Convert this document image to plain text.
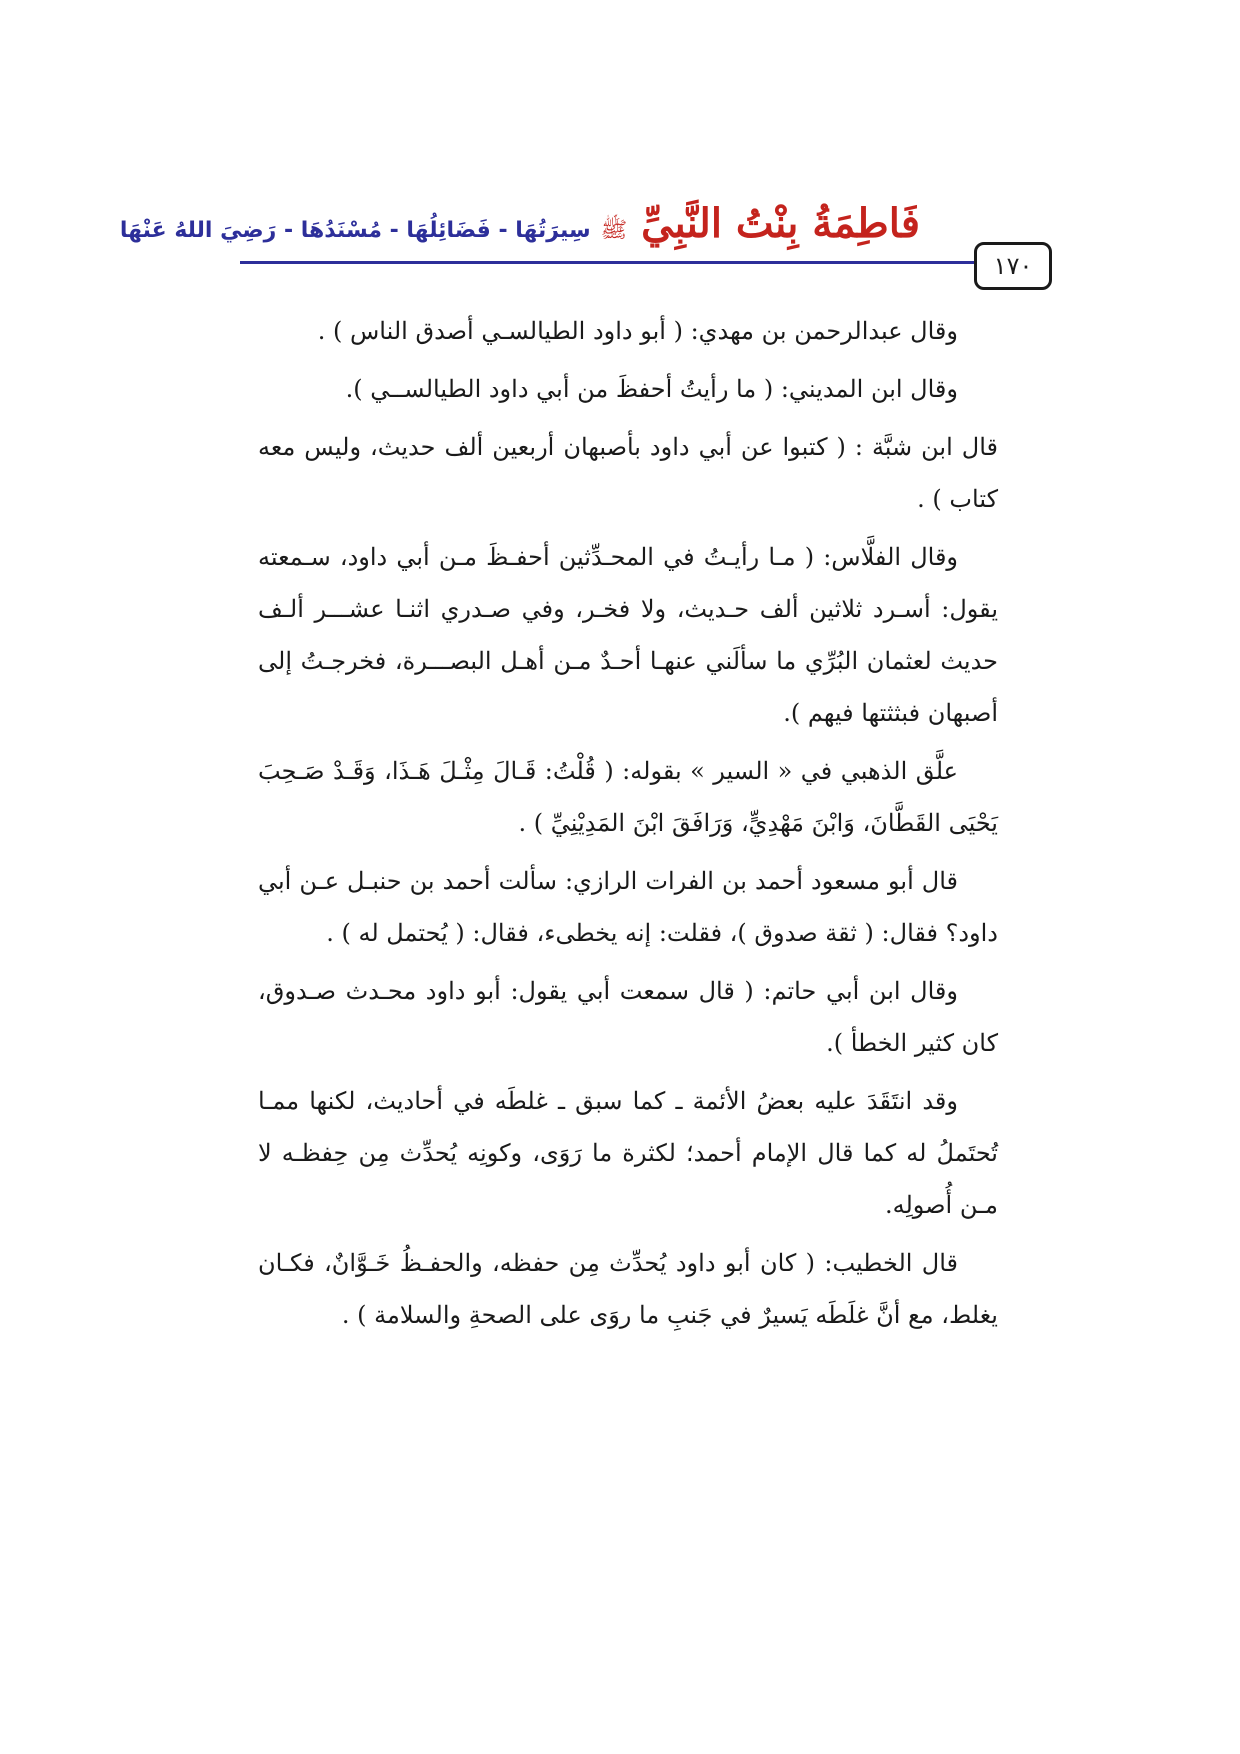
فَاطِمَةُ بِنْتُ النَّبِيِّ
ﷺ
سِيرَتُهَا - فَضَائِلُهَا - مُسْنَدُهَا - رَضِيَ اللهُ عَنْهَا
١٧٠

وقال عبدالرحمن بن مهدي: ( أبو داود الطيالسـي أصدق الناس ) .

وقال ابن المديني: ( ما رأيتُ أحفظَ من أبي داود الطيالســي ).

قال ابن شبَّة : ( كتبوا عن أبي داود بأصبهان أربعين ألف حديث، وليس معه كتاب ) .

وقال الفلَّاس: ( مـا رأيـتُ في المحـدِّثين أحفـظَ مـن أبي داود، سـمعته يقول: أسـرد ثلاثين ألف حـديث، ولا فخـر، وفي صـدري اثنـا عشـــر ألـف حديث لعثمان البُرِّي ما سألَني عنهـا أحـدٌ مـن أهـل البصـــرة، فخرجـتُ إلى أصبهان فبثثتها فيهم ).

علَّق الذهبي في « السير » بقوله: ( قُلْتُ: قَـالَ مِثْـلَ هَـذَا، وَقَـدْ صَـحِبَ يَحْيَى القَطَّانَ، وَابْنَ مَهْدِيٍّ، وَرَافَقَ ابْنَ المَدِيْنِيِّ ) .

قال أبو مسعود أحمد بن الفرات الرازي: سألت أحمد بن حنبـل عـن أبي داود؟ فقال: ( ثقة صدوق )، فقلت: إنه يخطىء، فقال: ( يُحتمل له ) .

وقال ابن أبي حاتم: ( قال سمعت أبي يقول: أبو داود محـدث صـدوق، كان كثير الخطأ ).

وقد انتَقَدَ عليه بعضُ الأئمة ـ كما سبق ـ غلطَه في أحاديث، لكنها ممـا تُحتَملُ له كما قال الإمام أحمد؛ لكثرة ما رَوَى، وكونِه يُحدِّث مِن حِفظـه لا مـن أُصولِه.

قال الخطيب: ( كان أبو داود يُحدِّث مِن حفظه، والحفـظُ خَـوَّانٌ، فكـان يغلط، مع أنَّ غلَطَه يَسيرٌ في جَنبِ ما روَى على الصحةِ والسلامة ) .
